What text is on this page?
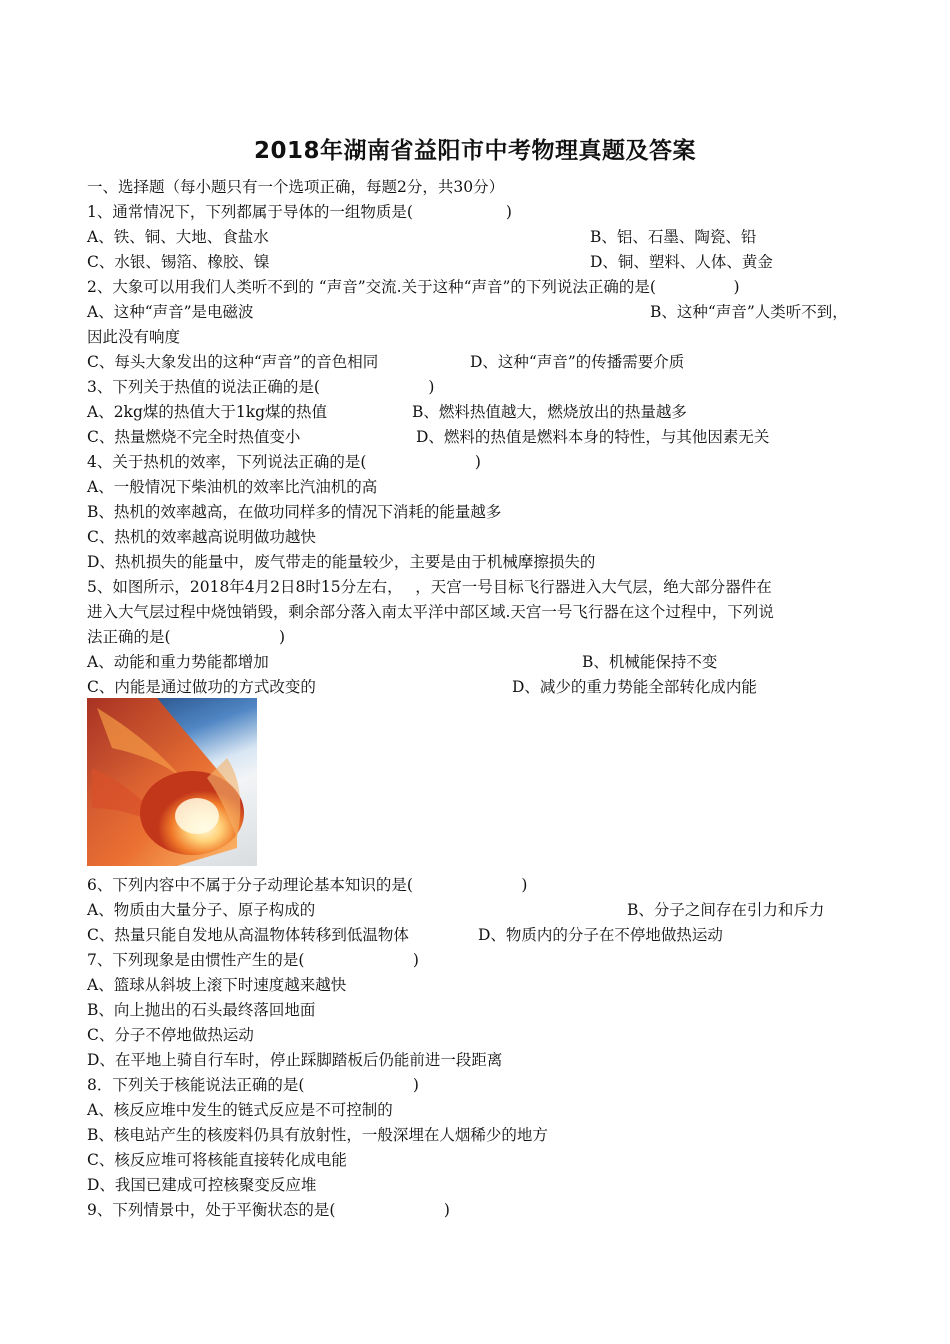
2018年湖南省益阳市中考物理真题及答案
一、选择题（每小题只有一个选项正确，每题2分，共30分）
1、通常情况下，下列都属于导体的一组物质是(　　　　　　)
A、铁、铜、大地、食盐水	B、铝、石墨、陶瓷、铅
C、水银、锡箔、橡胶、镍	D、铜、塑料、人体、黄金
2、大象可以用我们人类听不到的 “声音”交流.关于这种“声音”的下列说法正确的是(　　　　　)
A、这种“声音”是电磁波	B、这种“声音”人类听不到，
因此没有响度
C、每头大象发出的这种“声音”的音色相同	D、这种“声音”的传播需要介质
3、下列关于热值的说法正确的是(　　　　　　　)
A、2kg煤的热值大于1kg煤的热值	B、燃料热值越大，燃烧放出的热量越多
C、热量燃烧不完全时热值变小	D、燃料的热值是燃料本身的特性，与其他因素无关
4、关于热机的效率，下列说法正确的是(　　　　　　　)
A、一般情况下柴油机的效率比汽油机的高
B、热机的效率越高，在做功同样多的情况下消耗的能量越多
C、热机的效率越高说明做功越快
D、热机损失的能量中，废气带走的能量较少，主要是由于机械摩擦损失的
5、如图所示，2018年4月2日8时15分左右，　 ，天宫一号目标飞行器进入大气层，绝大部分器件在
进入大气层过程中烧蚀销毁，剩余部分落入南太平洋中部区域.天宫一号飞行器在这个过程中，下列说
法正确的是(　　　　　　　)
A、动能和重力势能都增加	B、机械能保持不变
C、内能是通过做功的方式改变的	D、减少的重力势能全部转化成内能
6、下列内容中不属于分子动理论基本知识的是(　　　　　　　)
A、物质由大量分子、原子构成的	B、分子之间存在引力和斥力
C、热量只能自发地从高温物体转移到低温物体	D、物质内的分子在不停地做热运动
7、下列现象是由惯性产生的是(　　　　　　　)
A、篮球从斜坡上滚下时速度越来越快
B、向上抛出的石头最终落回地面
C、分子不停地做热运动
D、在平地上骑自行车时，停止踩脚踏板后仍能前进一段距离
8．下列关于核能说法正确的是(　　　　　　　)
A、核反应堆中发生的链式反应是不可控制的
B、核电站产生的核废料仍具有放射性，一般深埋在人烟稀少的地方
C、核反应堆可将核能直接转化成电能
D、我国已建成可控核聚变反应堆
9、下列情景中，处于平衡状态的是(　　　　　　　)
